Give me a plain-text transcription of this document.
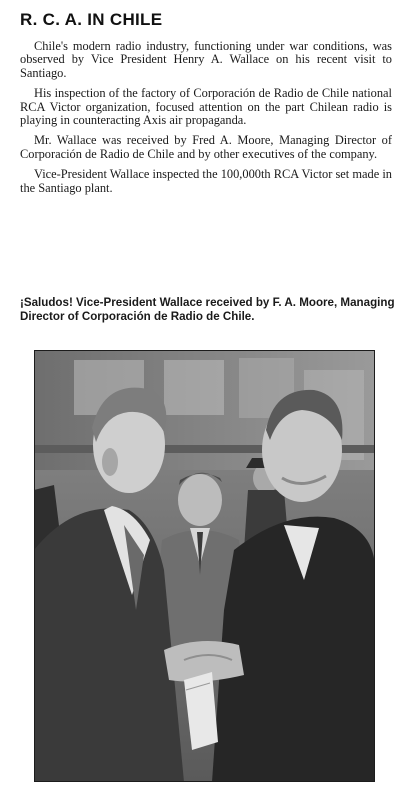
R. C. A. IN CHILE

Chile's modern radio industry, functioning under war conditions, was observed by Vice President Henry A. Wallace on his recent visit to Santiago.

His inspection of the factory of Corporación de Radio de Chile national RCA Victor organization, focused attention on the part Chilean radio is playing in counteracting Axis air propaganda.

Mr. Wallace was received by Fred A. Moore, Managing Director of Corporación de Radio de Chile and by other executives of the company.

Vice-President Wallace inspected the 100,000th RCA Victor set made in the Santiago plant.

¡Saludos! Vice-President Wallace received by F. A. Moore, Managing Director of Corporación de Radio de Chile.
